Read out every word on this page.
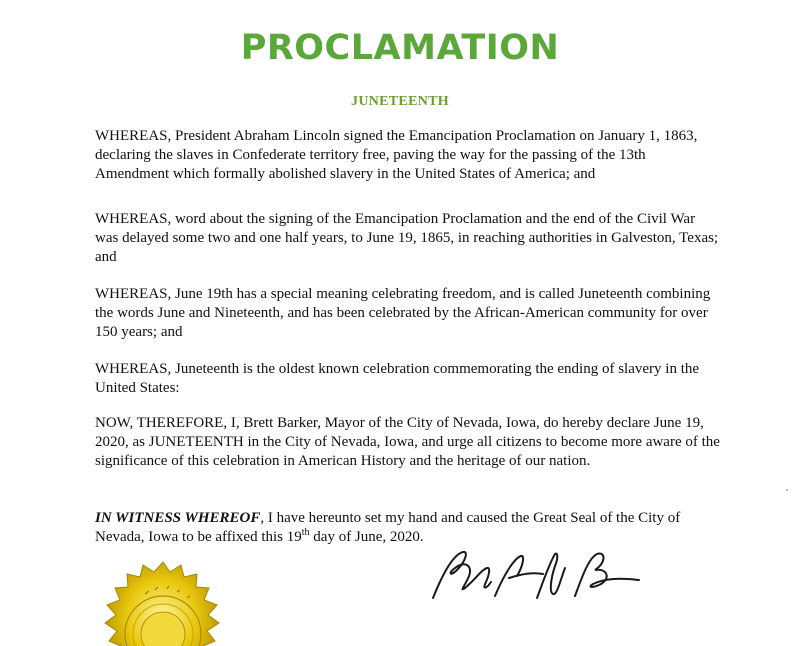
PROCLAMATION
JUNETEENTH

WHEREAS, President Abraham Lincoln signed the Emancipation Proclamation on January 1, 1863, declaring the slaves in Confederate territory free, paving the way for the passing of the 13th Amendment which formally abolished slavery in the United States of America; and

WHEREAS, word about the signing of the Emancipation Proclamation and the end of the Civil War was delayed some two and one half years, to June 19, 1865, in reaching authorities in Galveston, Texas; and

WHEREAS, June 19th has a special meaning celebrating freedom, and is called Juneteenth combining the words June and Nineteenth, and has been celebrated by the African-American community for over 150 years; and

WHEREAS, Juneteenth is the oldest known celebration commemorating the ending of slavery in the United States:

NOW, THEREFORE, I, Brett Barker, Mayor of the City of Nevada, Iowa, do hereby declare June 19, 2020, as JUNETEENTH in the City of Nevada, Iowa, and urge all citizens to become more aware of the significance of this celebration in American History and the heritage of our nation.

IN WITNESS WHEREOF, I have hereunto set my hand and caused the Great Seal of the City of Nevada, Iowa to be affixed this 19th day of June, 2020.
